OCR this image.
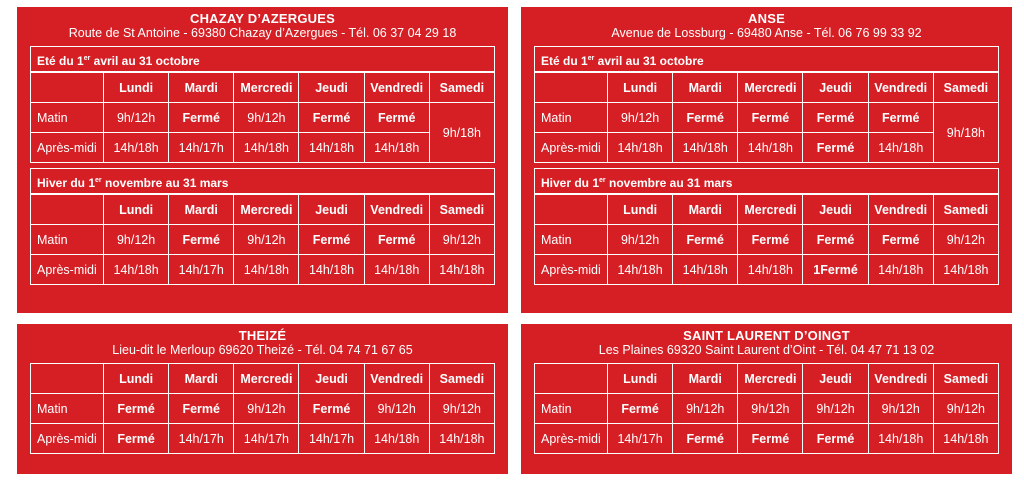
CHAZAY D’AZERGUES
Route de St Antoine - 69380 Chazay d’Azergues - Tél. 06 37 04 29 18
Eté du 1er avril au 31 octobre
	Lundi	Mardi	Mercredi	Jeudi	Vendredi	Samedi
Matin	9h/12h	Fermé	9h/12h	Fermé	Fermé	9h/18h
Après-midi	14h/18h	14h/17h	14h/18h	14h/18h	14h/18h	
Hiver du 1er novembre au 31 mars
	Lundi	Mardi	Mercredi	Jeudi	Vendredi	Samedi
Matin	9h/12h	Fermé	9h/12h	Fermé	Fermé	9h/12h
Après-midi	14h/18h	14h/17h	14h/18h	14h/18h	14h/18h	14h/18h
ANSE
Avenue de Lossburg - 69480 Anse - Tél. 06 76 99 33 92
Eté du 1er avril au 31 octobre
	Lundi	Mardi	Mercredi	Jeudi	Vendredi	Samedi
Matin	9h/12h	Fermé	Fermé	Fermé	Fermé	9h/18h
Après-midi	14h/18h	14h/18h	14h/18h	Fermé	14h/18h	
Hiver du 1er novembre au 31 mars
	Lundi	Mardi	Mercredi	Jeudi	Vendredi	Samedi
Matin	9h/12h	Fermé	Fermé	Fermé	Fermé	9h/12h
Après-midi	14h/18h	14h/18h	14h/18h	1Fermé	14h/18h	14h/18h
THEIZÉ
Lieu-dit le Merloup 69620 Theizé - Tél. 04 74 71 67 65
	Lundi	Mardi	Mercredi	Jeudi	Vendredi	Samedi
Matin	Fermé	Fermé	9h/12h	Fermé	9h/12h	9h/12h
Après-midi	Fermé	14h/17h	14h/17h	14h/17h	14h/18h	14h/18h
SAINT LAURENT D’OINGT
Les Plaines 69320 Saint Laurent d’Oint - Tél. 04 47 71 13 02
	Lundi	Mardi	Mercredi	Jeudi	Vendredi	Samedi
Matin	Fermé	9h/12h	9h/12h	9h/12h	9h/12h	9h/12h
Après-midi	14h/17h	Fermé	Fermé	Fermé	14h/18h	14h/18h
